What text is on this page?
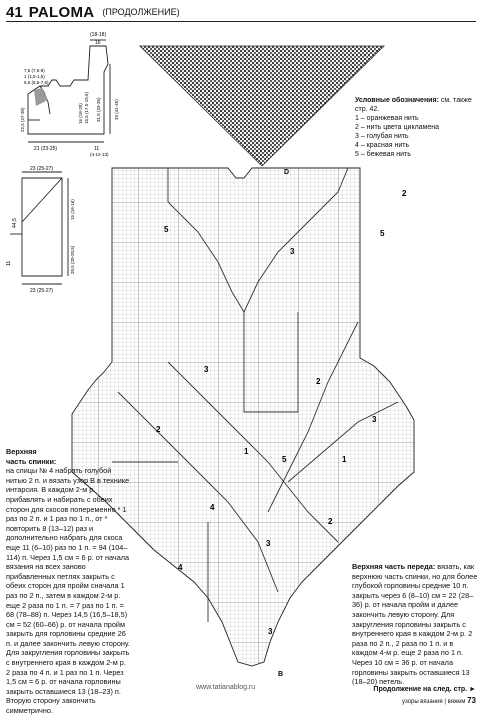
41 PALOMA (ПРОДОЛЖЕНИЕ)
(18-18)
16
7,5 (7,5-8)
1 (1,5-1,5)
6,5 (6,5-7,5)
16 (18-20) 15,5 (17,5-19,5)
22,5 (27-30)	31,5 (33-35)	33 (41-45)
21 (23-25)	11
(4-12-13)
23 (25-27)
15 (16-16)
44,5
20,5 (20-20,5)
11
23 (25-27)
Условные обозначения: см. также
стр. 42.
1 – оранжевая нить
2 – нить цвета цикламена
3 – голубая нить
4 – красная нить
5 – бежевая нить
5
2
3
5
3
2
3
1
2
5
1
4
3
4
2
3
B
Верхняя
часть спинки:
на спицы № 4 набрать голубой нитью 2 п. и вязать узор В в технике интарсия. В каждом 2-м р. прибавлять и набирать с обеих сторон для скосов попеременно * 1 раз по 2 п. и 1 раз по 1 п., от * повторить 8 (13–12) раз и дополнительно набрать для скоса еще 11 (6–10) раз по 1 п. = 94 (104–114) п. Через 1,5 см = 6 р. от начала вязания на всех заново прибавленных петлях закрыть с обеих сторон для пройм сначала 1 раз по 2 п., затем в каждом 2-м р. еще 2 раза по 1 п. = 7 раз по 1 п. = 68 (78–88) п. Через 14,5 (16,5–18,5) см = 52 (60–66) р. от начала пройм закрыть для горловины средние 26 п. и далее закончить левую сторону. Для закругления горловины закрыть с внутреннего края в каждом 2-м р. 2 раза по 4 п. и 1 раз по 1 п. Через 1,5 см = 6 р. от начала горловины закрыть оставшиеся 13 (18–23) п. Вторую сторону закончить симметрично.
Верхняя часть переда: вязать, как верхнюю часть спинки, но для более глубокой горловины средние 10 п. закрыть через 6 (8–10) см = 22 (28–36) р. от начала пройм и далее закончить левую сторону. Для закругления горловины закрыть с внутреннего края в каждом 2-м р. 2 раза по 2 п., 2 раза по 1 п. и в каждом 4-м р. еще 2 раза по 1 п. Через 10 см = 36 р. от начала горловины закрыть оставшиеся 13 (18–20) петель.
www.tatianablog.ru	Продолжение на след. стр. ►
узоры вязания | вяжем 73
